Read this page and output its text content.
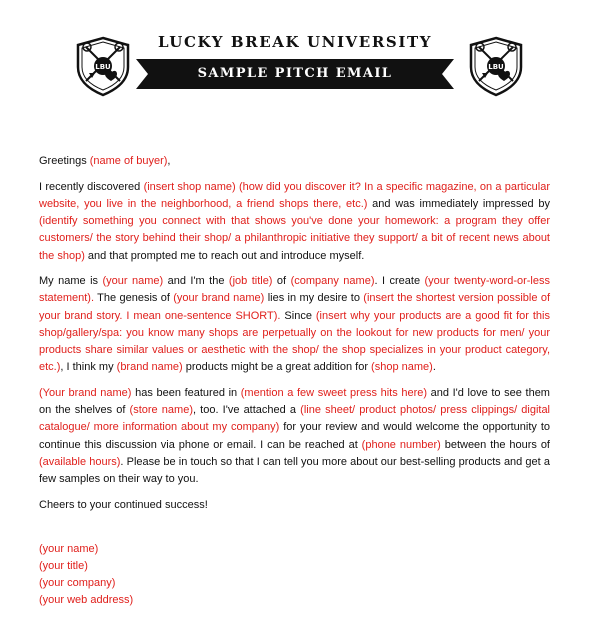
LBU
LUCKY BREAK UNIVERSITY
SAMPLE PITCH EMAIL	LBU

Greetings (name of buyer),

I recently discovered (insert shop name) (how did you discover it? In a specific magazine, on a particular website, you live in the neighborhood, a friend shops there, etc.) and was immediately impressed by (identify something you connect with that shows you've done your homework: a program they offer customers/ the story behind their shop/ a philanthropic initiative they support/ a bit of recent news about the shop) and that prompted me to reach out and introduce myself.

My name is (your name) and I'm the (job title) of (company name). I create (your twenty-word-or-less statement). The genesis of (your brand name) lies in my desire to (insert the shortest version possible of your brand story. I mean one-sentence SHORT). Since (insert why your products are a good fit for this shop/gallery/spa: you know many shops are perpetually on the lookout for new products for men/ your products share similar values or aesthetic with the shop/ the shop specializes in your product category, etc.), I think my (brand name) products might be a great addition for (shop name).

(Your brand name) has been featured in (mention a few sweet press hits here) and I'd love to see them on the shelves of (store name), too. I've attached a (line sheet/ product photos/ press clippings/ digital catalogue/ more information about my company) for your review and would welcome the opportunity to continue this discussion via phone or email. I can be reached at (phone number) between the hours of (available hours). Please be in touch so that I can tell you more about our best-selling products and get a few samples on their way to you.

Cheers to your continued success!

(your name)
(your title)
(your company)
(your web address)
